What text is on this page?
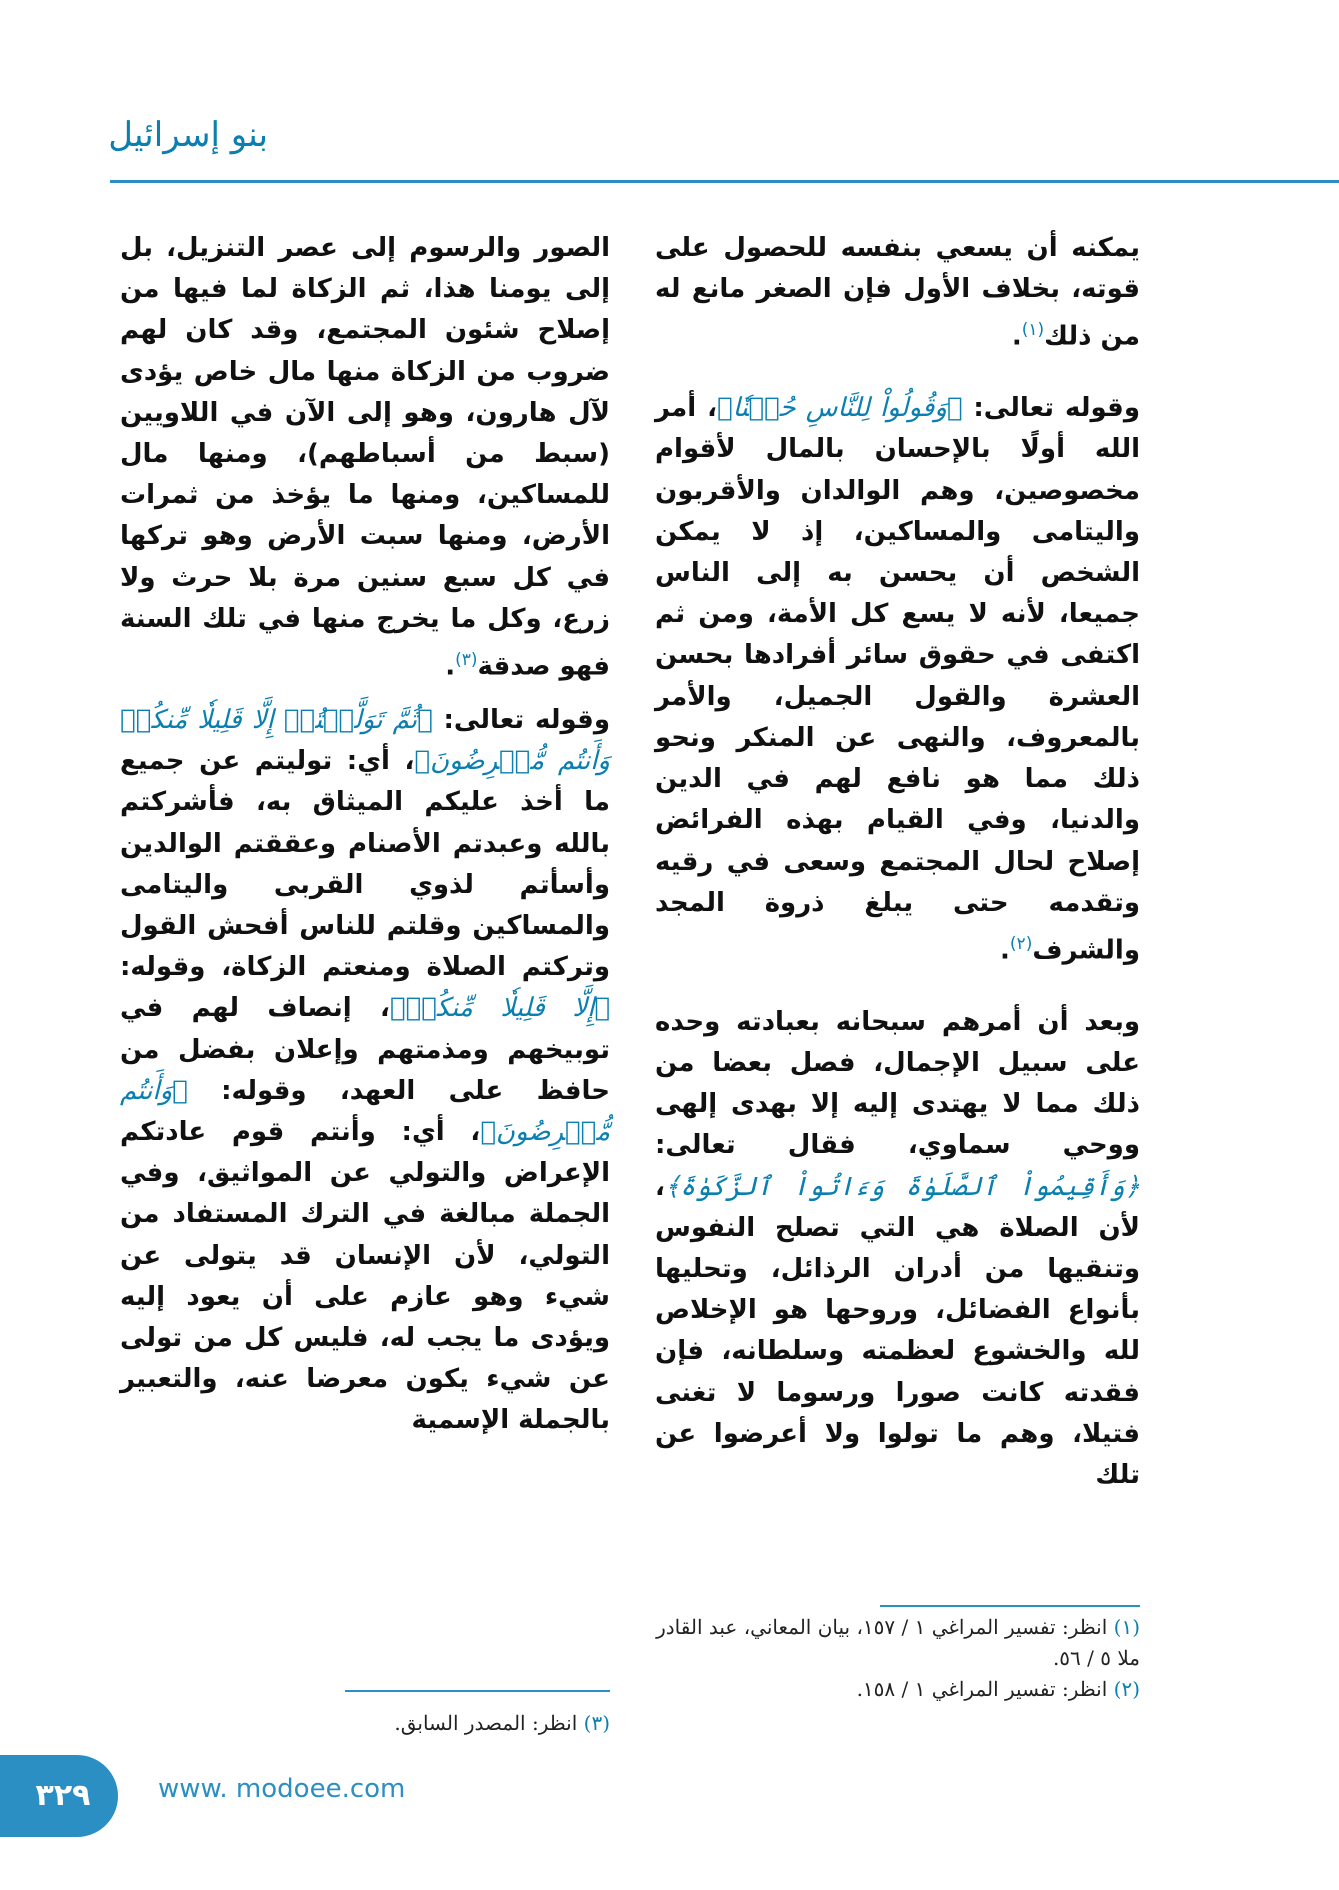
بنو إسرائيل

يمكنه أن يسعي بنفسه للحصول على قوته، بخلاف الأول فإن الصغر مانع له من ذلك$^{(١)}$.

وقوله تعالى: ﴿وَقُولُواْ لِلنَّاسِ حُسۡنٗا﴾، أمر الله أولًا بالإحسان بالمال لأقوام مخصوصين، وهم الوالدان والأقربون واليتامى والمساكين، إذ لا يمكن الشخص أن يحسن به إلى الناس جميعا، لأنه لا يسع كل الأمة، ومن ثم اكتفى في حقوق سائر أفرادها بحسن العشرة والقول الجميل، والأمر بالمعروف، والنهى عن المنكر ونحو ذلك مما هو نافع لهم في الدين والدنيا، وفي القيام بهذه الفرائض إصلاح لحال المجتمع وسعى في رقيه وتقدمه حتى يبلغ ذروة المجد والشرف$^{(٢)}$.

وبعد أن أمرهم سبحانه بعبادته وحده على سبيل الإجمال، فصل بعضا من ذلك مما لا يهتدى إليه إلا بهدى إلهى ووحي سماوي، فقال تعالى: ﴿وَأَقِيمُواْ ٱلصَّلَوٰةَ وَءَاتُواْ ٱلزَّكَوٰةَ﴾، لأن الصلاة هي التي تصلح النفوس وتنقيها من أدران الرذائل، وتحليها بأنواع الفضائل، وروحها هو الإخلاص لله والخشوع لعظمته وسلطانه، فإن فقدته كانت صورا ورسوما لا تغنى فتيلا، وهم ما تولوا ولا أعرضوا عن تلك

الصور والرسوم إلى عصر التنزيل، بل إلى يومنا هذا، ثم الزكاة لما فيها من إصلاح شئون المجتمع، وقد كان لهم ضروب من الزكاة منها مال خاص يؤدى لآل هارون، وهو إلى الآن في اللاويين (سبط من أسباطهم)، ومنها مال للمساكين، ومنها ما يؤخذ من ثمرات الأرض، ومنها سبت الأرض وهو تركها في كل سبع سنين مرة بلا حرث ولا زرع، وكل ما يخرج منها في تلك السنة فهو صدقة$^{(٣)}$.

وقوله تعالى: ﴿ثُمَّ تَوَلَّيۡتُمۡ إِلَّا قَلِيلٗا مِّنكُمۡ وَأَنتُم مُّعۡرِضُونَ﴾، أي: توليتم عن جميع ما أخذ عليكم الميثاق به، فأشركتم بالله وعبدتم الأصنام وعققتم الوالدين وأسأتم لذوي القربى واليتامى والمساكين وقلتم للناس أفحش القول وتركتم الصلاة ومنعتم الزكاة، وقوله: ﴿إِلَّا قَلِيلٗا مِّنكُمۡ﴾، إنصاف لهم في توبيخهم ومذمتهم وإعلان بفضل من حافظ على العهد، وقوله: ﴿وَأَنتُم مُّعۡرِضُونَ﴾، أي: وأنتم قوم عادتكم الإعراض والتولي عن المواثيق، وفي الجملة مبالغة في الترك المستفاد من التولي، لأن الإنسان قد يتولى عن شيء وهو عازم على أن يعود إليه ويؤدى ما يجب له، فليس كل من تولى عن شيء يكون معرضا عنه، والتعبير بالجملة الإسمية

(١) انظر: تفسير المراغي ١ / ١٥٧، بيان المعاني، عبد القادر ملا ٥ / ٥٦.

(٢) انظر: تفسير المراغي ١ / ١٥٨.

(٣) انظر: المصدر السابق.

٣٢٩	www. modoee.com
